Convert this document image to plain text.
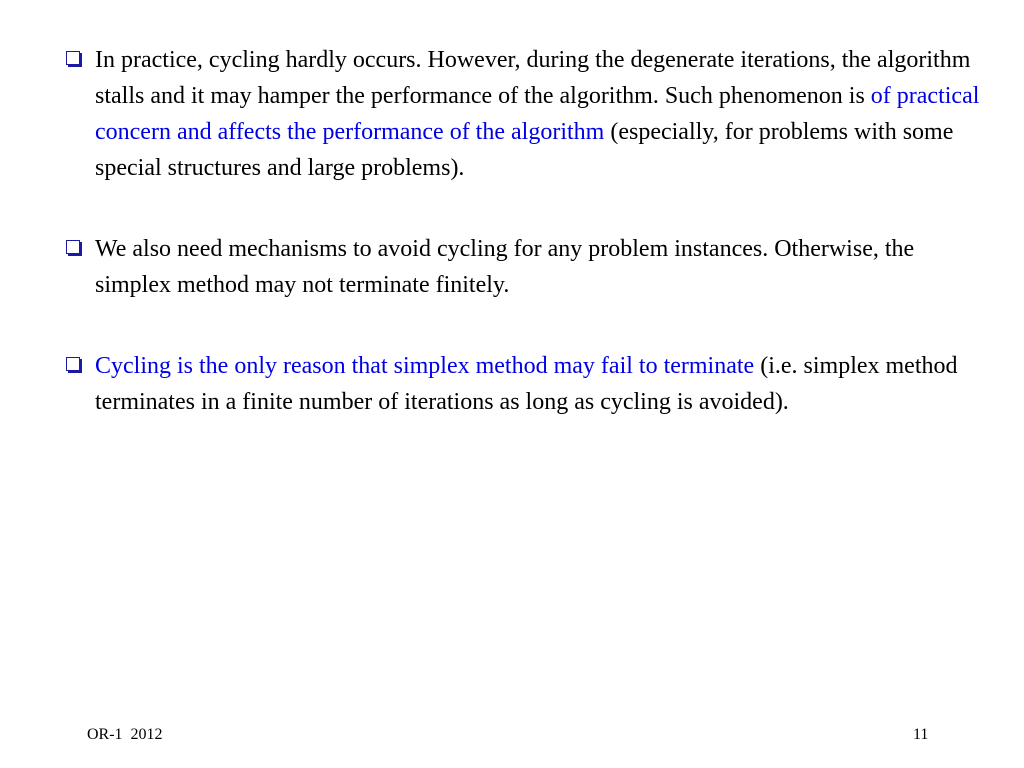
In practice, cycling hardly occurs. However, during the degenerate iterations, the algorithm stalls and it may hamper the performance of the algorithm. Such phenomenon is of practical concern and affects the performance of the algorithm (especially, for problems with some special structures and large problems).
We also need mechanisms to avoid cycling for any problem instances. Otherwise, the simplex method may not terminate finitely.
Cycling is the only reason that simplex method may fail to terminate (i.e. simplex method terminates in a finite number of iterations as long as cycling is avoided).
OR-1  2012	11
